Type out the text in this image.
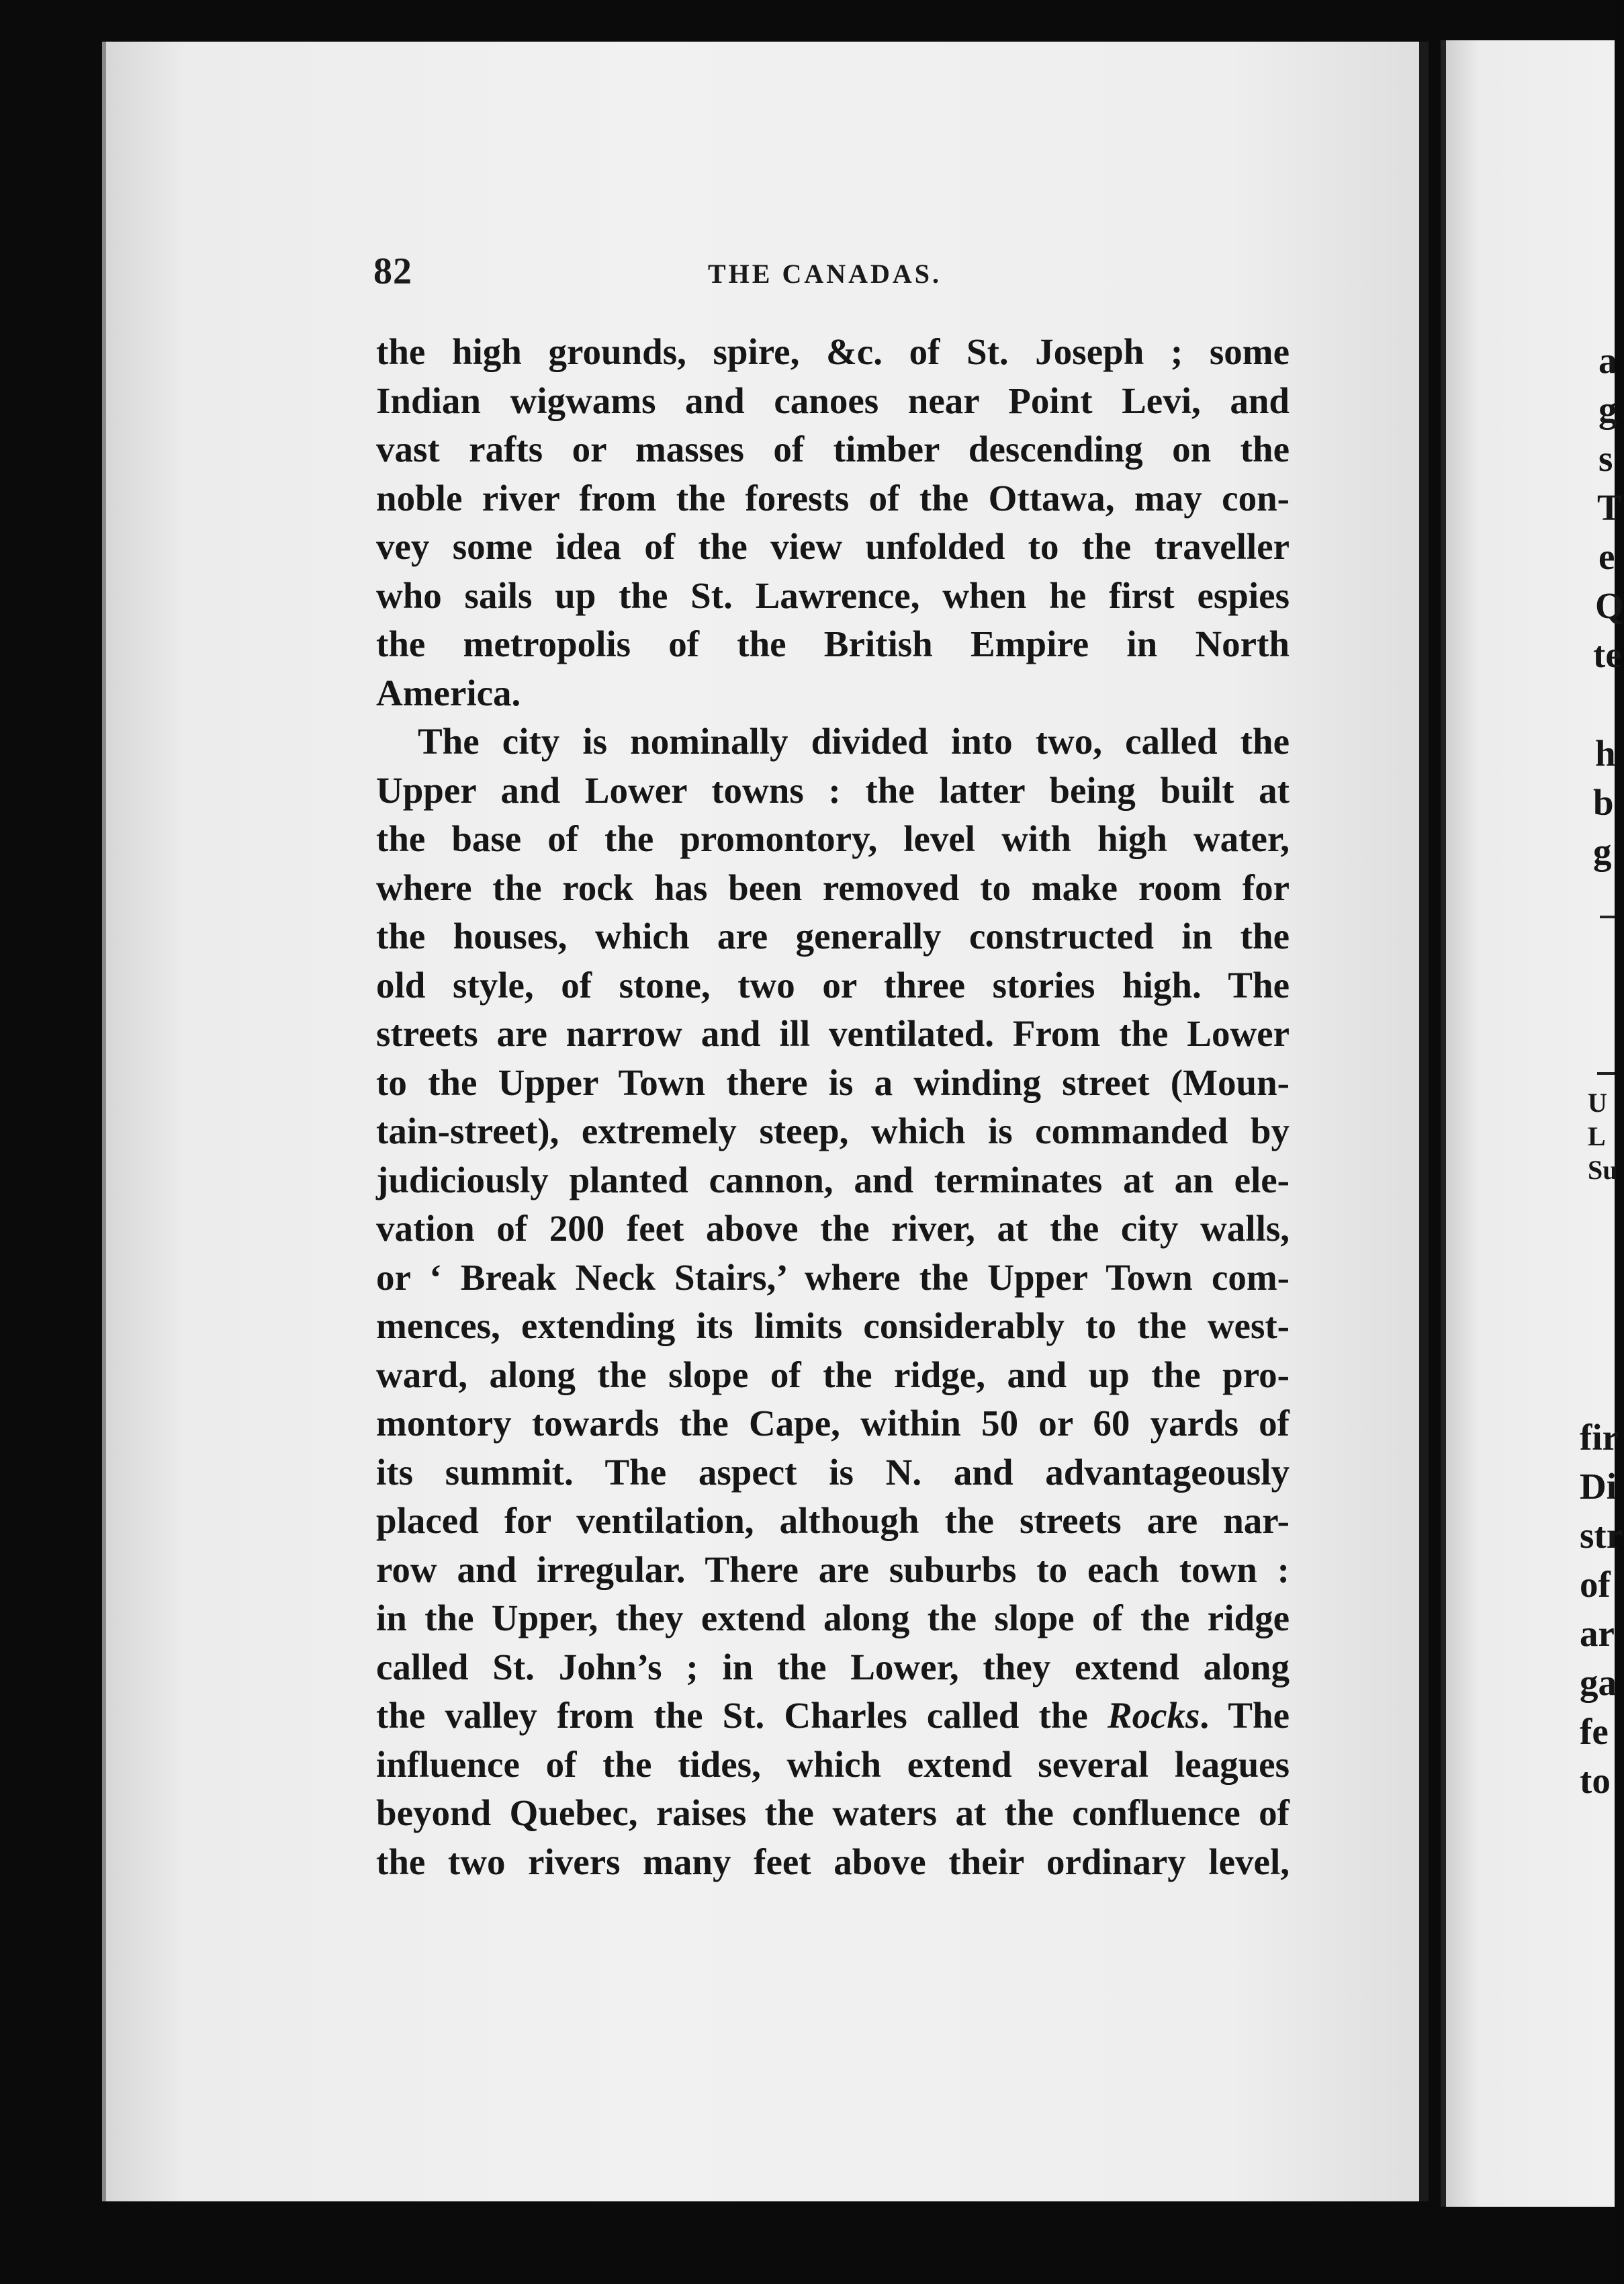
82	THE CANADAS.
the high grounds, spire, &c. of St. Joseph ; some
Indian wigwams and canoes near Point Levi, and
vast rafts or masses of timber descending on the
noble river from the forests of the Ottawa, may con-
vey some idea of the view unfolded to the traveller
who sails up the St. Lawrence, when he first espies
the metropolis of the British Empire in North
America.
The city is nominally divided into two, called the
Upper and Lower towns : the latter being built at
the base of the promontory, level with high water,
where the rock has been removed to make room for
the houses, which are generally constructed in the
old style, of stone, two or three stories high. The
streets are narrow and ill ventilated. From the Lower
to the Upper Town there is a winding street (Moun-
tain-street), extremely steep, which is commanded by
judiciously planted cannon, and terminates at an ele-
vation of 200 feet above the river, at the city walls,
or ‘ Break Neck Stairs,’ where the Upper Town com-
mences, extending its limits considerably to the west-
ward, along the slope of the ridge, and up the pro-
montory towards the Cape, within 50 or 60 yards of
its summit. The aspect is N. and advantageously
placed for ventilation, although the streets are nar-
row and irregular. There are suburbs to each town :
in the Upper, they extend along the slope of the ridge
called St. John’s ; in the Lower, they extend along
the valley from the St. Charles called the Rocks. The
influence of the tides, which extend several leagues
beyond Quebec, raises the waters at the confluence of
the two rivers many feet above their ordinary level,
a
g
s
T
e
Q
te
h
b
g
U
L
Su
fir
Di
str
of
ar
ga
fe
to
